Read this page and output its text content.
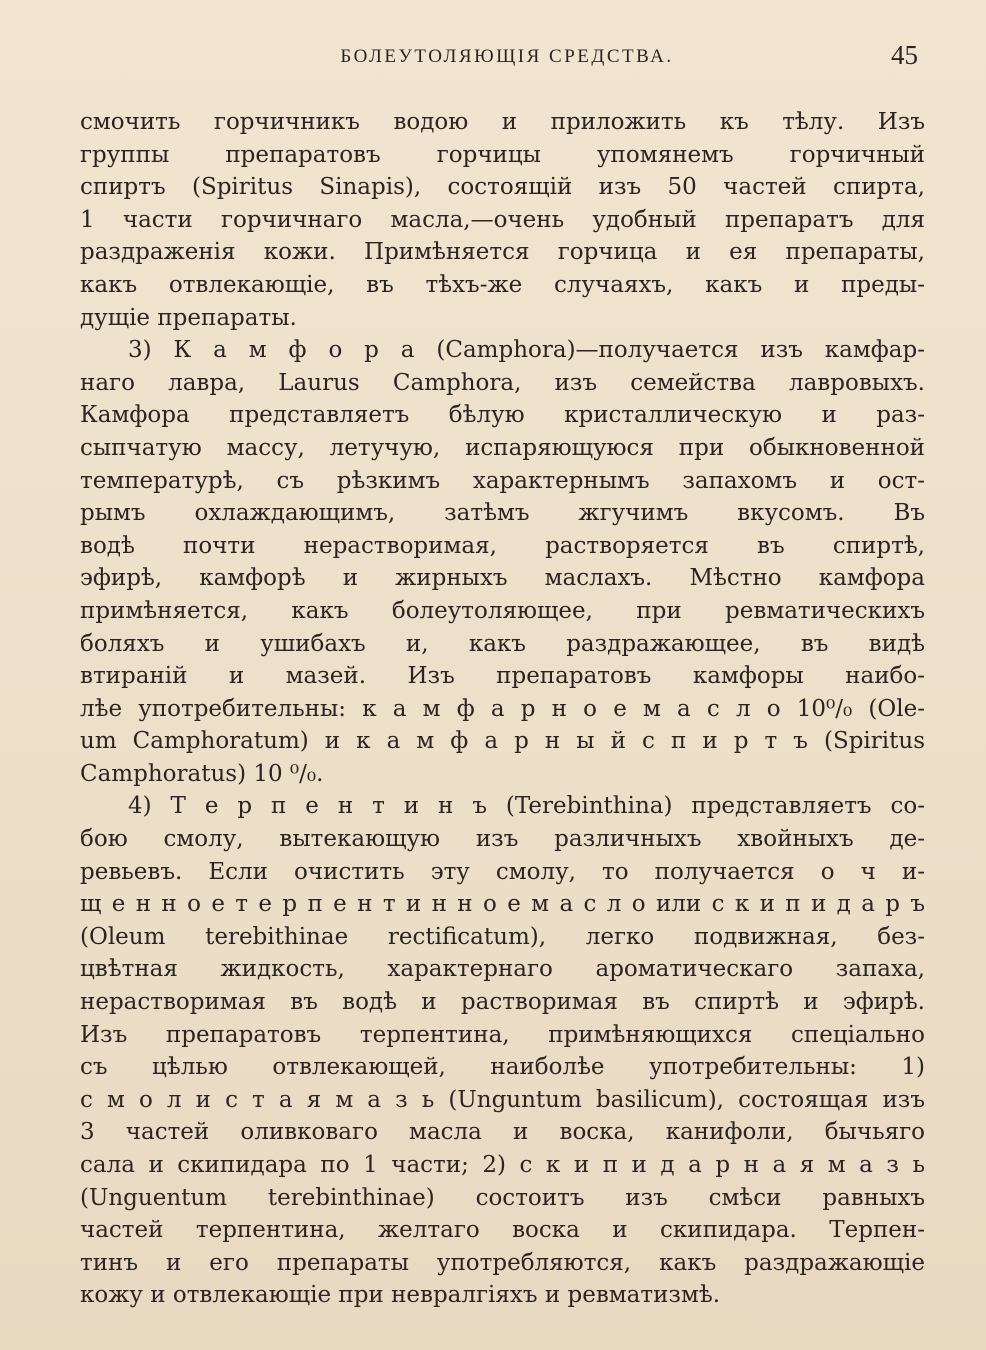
БОЛЕУТОЛЯЮЩІЯ СРЕДСТВА.	45
смочить горчичникъ водою и приложить къ тѣлу. Изъ
группы препаратовъ горчицы упомянемъ горчичный
спиртъ (Spiritus Sinapis), состоящій изъ 50 частей спирта,
1 части горчичнаго масла,—очень удобный препаратъ для
раздраженія кожи. Примѣняется горчица и ея препараты,
какъ отвлекающіе, въ тѣхъ-же случаяхъ, какъ и преды-
дущіе препараты.
3) К а м ф о р а (Camphora)—получается изъ камфар-
наго лавра, Laurus Camphora, изъ семейства лавровыхъ.
Камфора представляетъ бѣлую кристаллическую и раз-
сыпчатую массу, летучую, испаряющуюся при обыкновенной
температурѣ, съ рѣзкимъ характернымъ запахомъ и ост-
рымъ охлаждающимъ, затѣмъ жгучимъ вкусомъ. Въ
водѣ почти нерастворимая, растворяется въ спиртѣ,
эфирѣ, камфорѣ и жирныхъ маслахъ. Мѣстно камфора
примѣняется, какъ болеутоляющее, при ревматическихъ
боляхъ и ушибахъ и, какъ раздражающее, въ видѣ
втираній и мазей. Изъ препаратовъ камфоры наибо-
лѣе употребительны: к а м ф а р н о е м а с л о 10⁰/₀ (Ole-
um Camphoratum) и к а м ф а р н ы й с п и р т ъ (Spiritus
Camphoratus) 10 ⁰/₀.
4) Т е р п е н т и н ъ (Terebinthina) представляетъ со-
бою смолу, вытекающую изъ различныхъ хвойныхъ де-
ревьевъ. Если очистить эту смолу, то получается о ч и-
щ е н н о е т е р п е н т и н н о е м а с л о или с к и п и д а р ъ
(Oleum terebithinae rectificatum), легко подвижная, без-
цвѣтная жидкость, характернаго ароматическаго запаха,
нерастворимая въ водѣ и растворимая въ спиртѣ и эфирѣ.
Изъ препаратовъ терпентина, примѣняющихся спеціально
съ цѣлью отвлекающей, наиболѣе употребительны: 1)
с м о л и с т а я м а з ь (Unguntum basilicum), состоящая изъ
3 частей оливковаго масла и воска, канифоли, бычьяго
сала и скипидара по 1 части; 2) с к и п и д а р н а я м а з ь
(Unguentum terebinthinae) состоитъ изъ смѣси равныхъ
частей терпентина, желтаго воска и скипидара. Терпен-
тинъ и его препараты употребляются, какъ раздражающіе
кожу и отвлекающіе при невралгіяхъ и ревматизмѣ.
